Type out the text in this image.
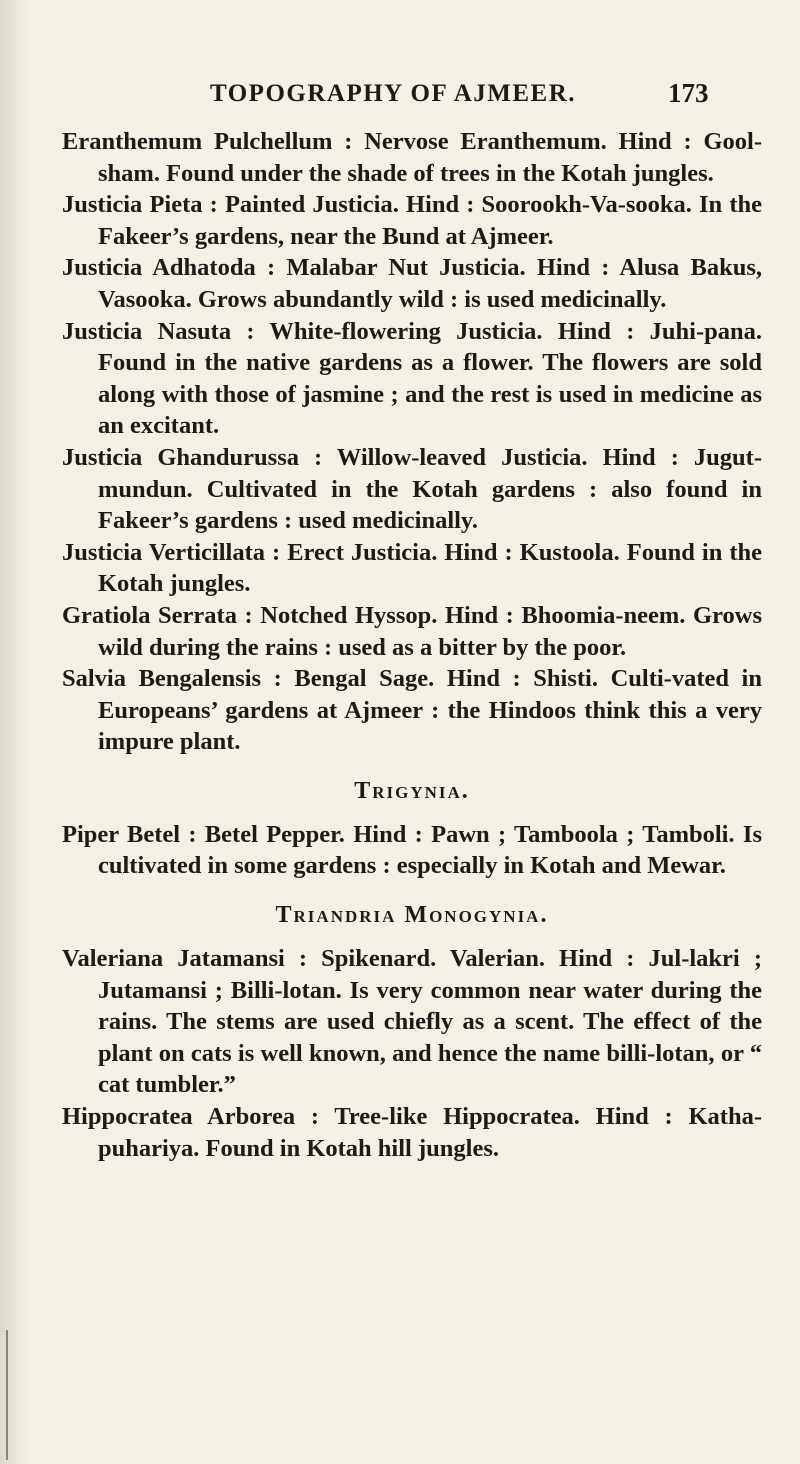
TOPOGRAPHY OF AJMEER.	173

Eranthemum Pulchellum : Nervose Eranthemum. Hind : Gool-sham. Found under the shade of trees in the Kotah jungles.

Justicia Pieta : Painted Justicia. Hind : Soorookh-Va-sooka. In the Fakeer’s gardens, near the Bund at Ajmeer.

Justicia Adhatoda : Malabar Nut Justicia. Hind : Alusa Bakus, Vasooka. Grows abundantly wild : is used medicinally.

Justicia Nasuta : White-flowering Justicia. Hind : Juhi-pana. Found in the native gardens as a flower. The flowers are sold along with those of jasmine ; and the rest is used in medicine as an excitant.

Justicia Ghandurussa : Willow-leaved Justicia. Hind : Jugut-mundun. Cultivated in the Kotah gardens : also found in Fakeer’s gardens : used medicinally.

Justicia Verticillata : Erect Justicia. Hind : Kustoola. Found in the Kotah jungles.

Gratiola Serrata : Notched Hyssop. Hind : Bhoomia-neem. Grows wild during the rains : used as a bitter by the poor.

Salvia Bengalensis : Bengal Sage. Hind : Shisti. Culti-vated in Europeans’ gardens at Ajmeer : the Hindoos think this a very impure plant.

Trigynia.

Piper Betel : Betel Pepper. Hind : Pawn ; Tamboola ; Tamboli. Is cultivated in some gardens : especially in Kotah and Mewar.

Triandria Monogynia.

Valeriana Jatamansi : Spikenard. Valerian. Hind : Jul-lakri ; Jutamansi ; Billi-lotan. Is very common near water during the rains. The stems are used chiefly as a scent. The effect of the plant on cats is well known, and hence the name billi-lotan, or “ cat tumbler.”

Hippocratea Arborea : Tree-like Hippocratea. Hind : Katha-puhariya. Found in Kotah hill jungles.
